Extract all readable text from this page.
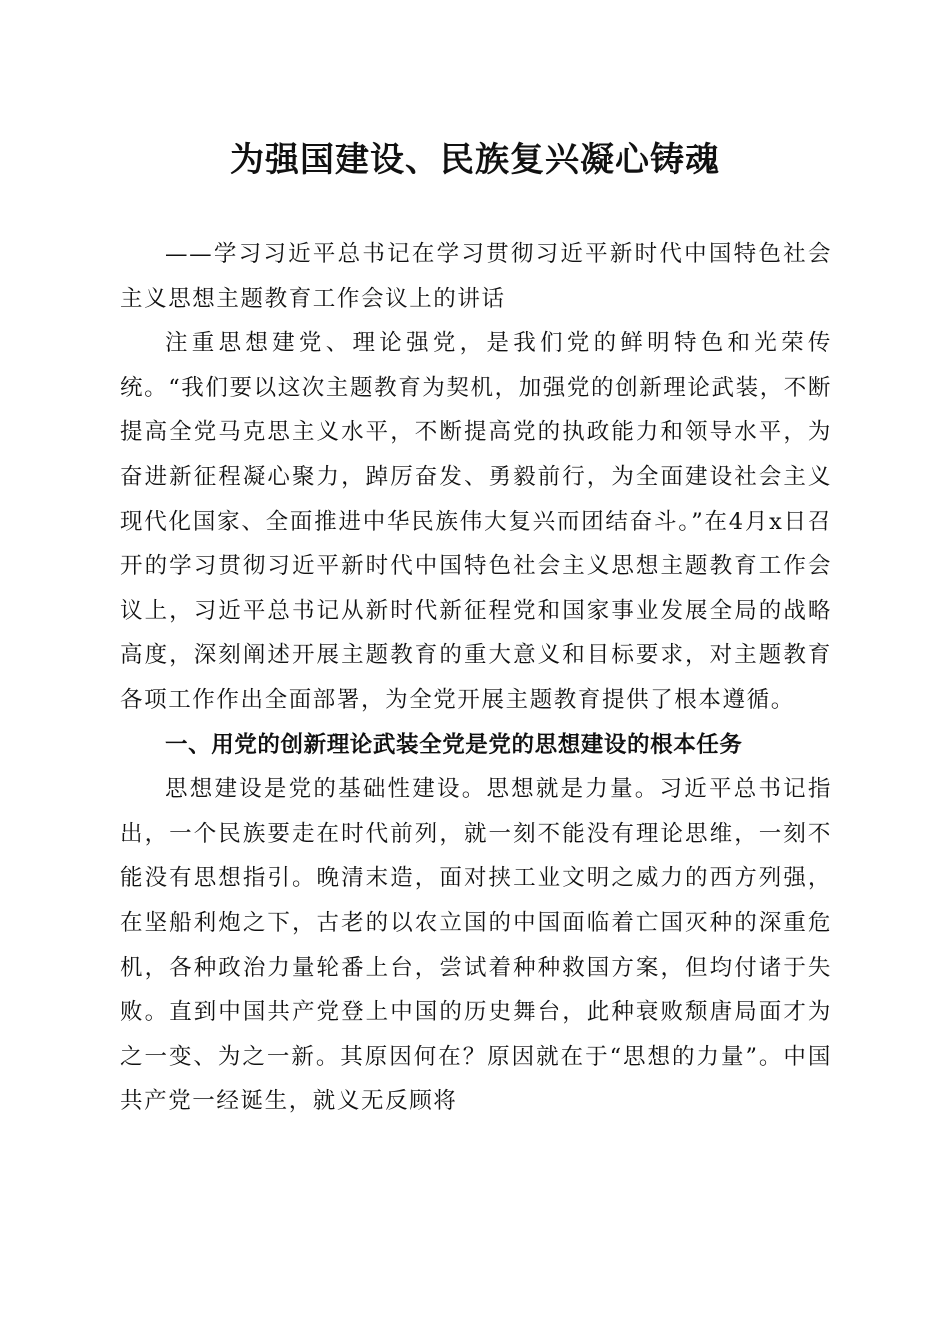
为强国建设、民族复兴凝心铸魂

——学习习近平总书记在学习贯彻习近平新时代中国特色社会主义思想主题教育工作会议上的讲话

注重思想建党、理论强党，是我们党的鲜明特色和光荣传统。“我们要以这次主题教育为契机，加强党的创新理论武装，不断提高全党马克思主义水平，不断提高党的执政能力和领导水平，为奋进新征程凝心聚力，踔厉奋发、勇毅前行，为全面建设社会主义现代化国家、全面推进中华民族伟大复兴而团结奋斗。”在4月x日召开的学习贯彻习近平新时代中国特色社会主义思想主题教育工作会议上，习近平总书记从新时代新征程党和国家事业发展全局的战略高度，深刻阐述开展主题教育的重大意义和目标要求，对主题教育各项工作作出全面部署，为全党开展主题教育提供了根本遵循。

一、用党的创新理论武装全党是党的思想建设的根本任务

思想建设是党的基础性建设。思想就是力量。习近平总书记指出，一个民族要走在时代前列，就一刻不能没有理论思维，一刻不能没有思想指引。晚清末造，面对挟工业文明之威力的西方列强，在坚船利炮之下，古老的以农立国的中国面临着亡国灭种的深重危机，各种政治力量轮番上台，尝试着种种救国方案，但均付诸于失败。直到中国共产党登上中国的历史舞台，此种衰败颓唐局面才为之一变、为之一新。其原因何在？原因就在于“思想的力量”。中国共产党一经诞生，就义无反顾将
